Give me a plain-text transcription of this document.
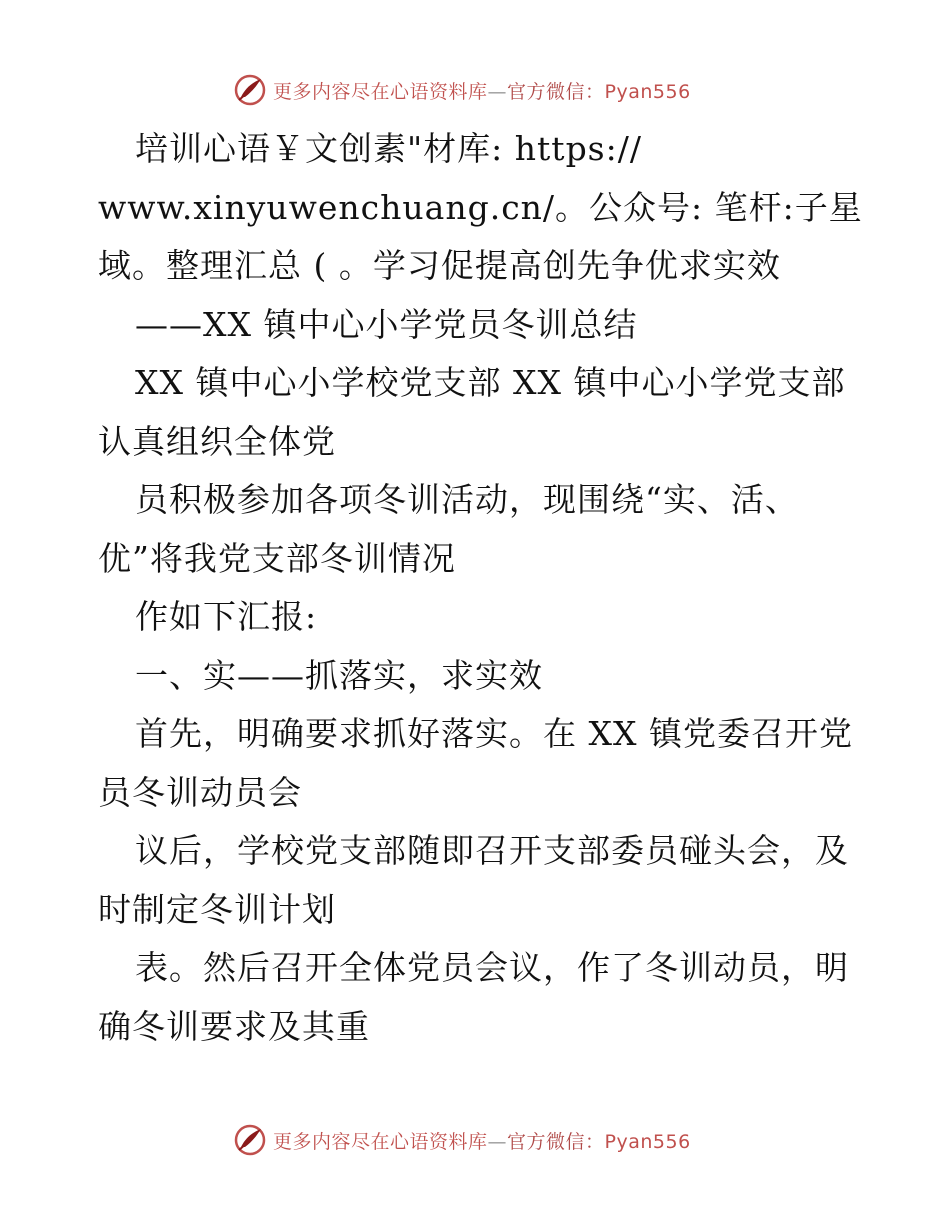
更多内容尽在心语资料库—官方微信：Pyan556
培训心语￥文创素"材库: https://
www.xinyuwenchuang.cn/。公众号: 笔杆:子星
域。整理汇总 ( 。学习促提高创先争优求实效
——XX 镇中心小学党员冬训总结
XX 镇中心小学校党支部 XX 镇中心小学党支部
认真组织全体党
员积极参加各项冬训活动，现围绕“实、活、
优”将我党支部冬训情况
作如下汇报:
一、实——抓落实，求实效
首先，明确要求抓好落实。在 XX 镇党委召开党
员冬训动员会
议后，学校党支部随即召开支部委员碰头会，及
时制定冬训计划
表。然后召开全体党员会议，作了冬训动员，明
确冬训要求及其重
更多内容尽在心语资料库—官方微信：Pyan556
